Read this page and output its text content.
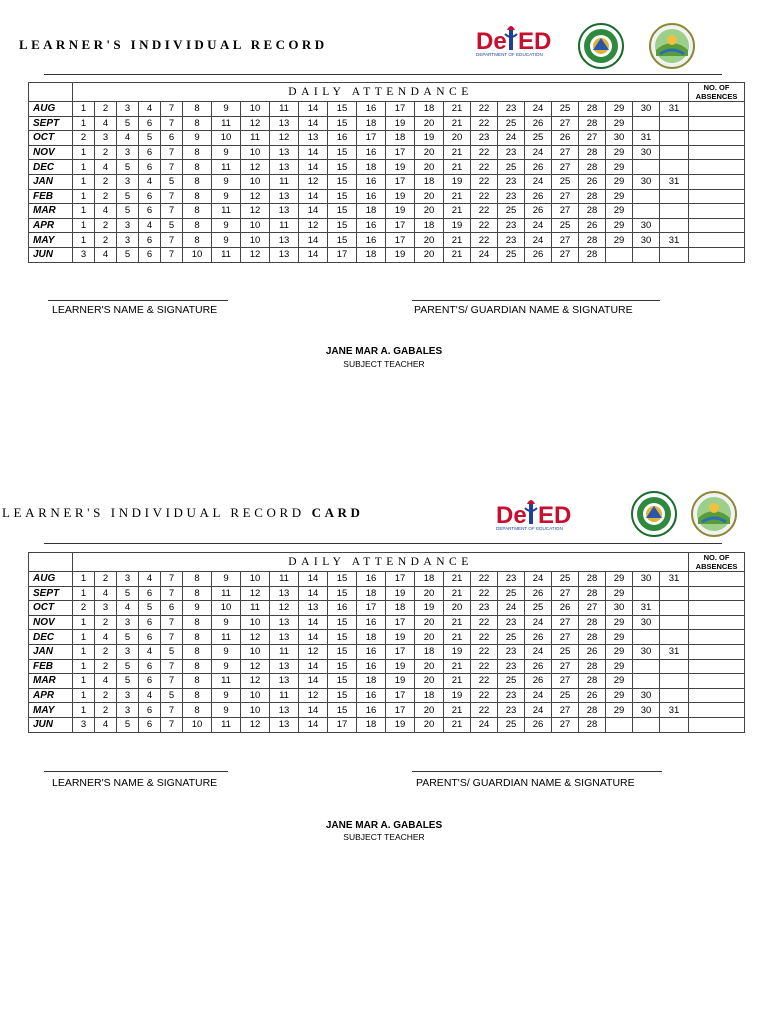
LEARNER'S INDIVIDUAL RECORD	De ED
DEPARTMENT OF EDUCATION
	DAILY ATTENDANCE																							NO. OF ABSENCES
AUG	1	2	3	4	7	8	9	10	11	14	15	16	17	18	21	22	23	24	25	28	29	30	31	
SEPT	1	4	5	6	7	8	11	12	13	14	15	18	19	20	21	22	25	26	27	28	29			
OCT	2	3	4	5	6	9	10	11	12	13	16	17	18	19	20	23	24	25	26	27	30	31		
NOV	1	2	3	6	7	8	9	10	13	14	15	16	17	20	21	22	23	24	27	28	29	30		
DEC	1	4	5	6	7	8	11	12	13	14	15	18	19	20	21	22	25	26	27	28	29			
JAN	1	2	3	4	5	8	9	10	11	12	15	16	17	18	19	22	23	24	25	26	29	30	31	
FEB	1	2	5	6	7	8	9	12	13	14	15	16	19	20	21	22	23	26	27	28	29			
MAR	1	4	5	6	7	8	11	12	13	14	15	18	19	20	21	22	25	26	27	28	29			
APR	1	2	3	4	5	8	9	10	11	12	15	16	17	18	19	22	23	24	25	26	29	30		
MAY	1	2	3	6	7	8	9	10	13	14	15	16	17	20	21	22	23	24	27	28	29	30	31	
JUN	3	4	5	6	7	10	11	12	13	14	17	18	19	20	21	24	25	26	27	28				
LEARNER'S NAME & SIGNATURE	PARENT'S/ GUARDIAN NAME & SIGNATURE
JANE MAR A. GABALES
SUBJECT TEACHER
LEARNER'S INDIVIDUAL RECORD CARD	De ED
DEPARTMENT OF EDUCATION
	DAILY ATTENDANCE																							NO. OF ABSENCES
AUG	1	2	3	4	7	8	9	10	11	14	15	16	17	18	21	22	23	24	25	28	29	30	31	
SEPT	1	4	5	6	7	8	11	12	13	14	15	18	19	20	21	22	25	26	27	28	29			
OCT	2	3	4	5	6	9	10	11	12	13	16	17	18	19	20	23	24	25	26	27	30	31		
NOV	1	2	3	6	7	8	9	10	13	14	15	16	17	20	21	22	23	24	27	28	29	30		
DEC	1	4	5	6	7	8	11	12	13	14	15	18	19	20	21	22	25	26	27	28	29			
JAN	1	2	3	4	5	8	9	10	11	12	15	16	17	18	19	22	23	24	25	26	29	30	31	
FEB	1	2	5	6	7	8	9	12	13	14	15	16	19	20	21	22	23	26	27	28	29			
MAR	1	4	5	6	7	8	11	12	13	14	15	18	19	20	21	22	25	26	27	28	29			
APR	1	2	3	4	5	8	9	10	11	12	15	16	17	18	19	22	23	24	25	26	29	30		
MAY	1	2	3	6	7	8	9	10	13	14	15	16	17	20	21	22	23	24	27	28	29	30	31	
JUN	3	4	5	6	7	10	11	12	13	14	17	18	19	20	21	24	25	26	27	28				
LEARNER'S NAME & SIGNATURE	PARENT'S/ GUARDIAN NAME & SIGNATURE
JANE MAR A. GABALES
SUBJECT TEACHER
